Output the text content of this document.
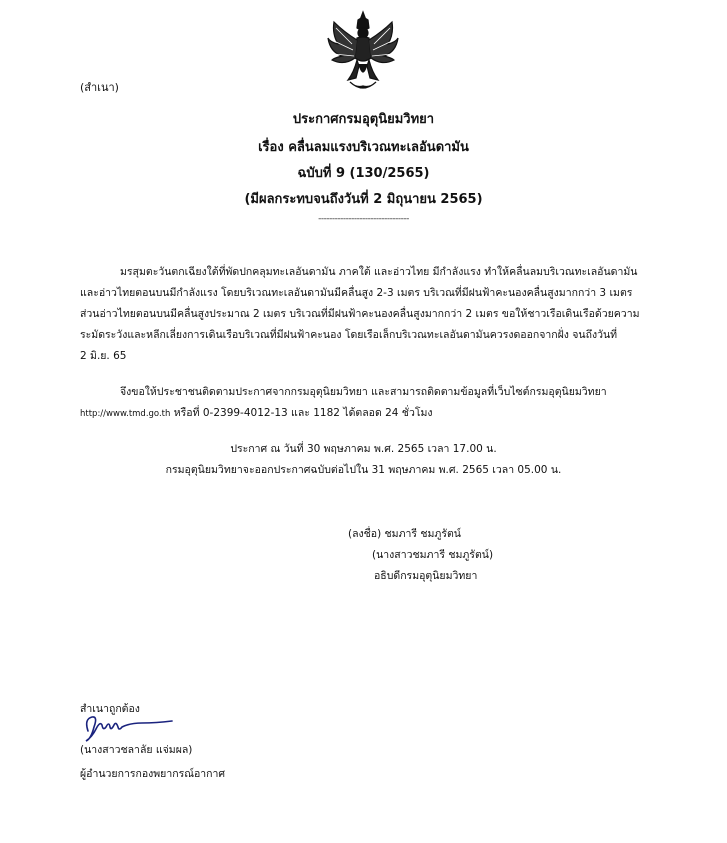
(สำเนา)
ประกาศกรมอุตุนิยมวิทยา
เรื่อง คลื่นลมแรงบริเวณทะเลอันดามัน
ฉบับที่ 9 (130/2565)
(มีผลกระทบจนถึงวันที่ 2 มิถุนายน 2565)
---------------------------------
มรสุมตะวันตกเฉียงใต้ที่พัดปกคลุมทะเลอันดามัน ภาคใต้ และอ่าวไทย มีกำลังแรง ทำให้คลื่นลมบริเวณทะเลอันดามัน
และอ่าวไทยตอนบนมีกำลังแรง โดยบริเวณทะเลอันดามันมีคลื่นสูง 2-3 เมตร บริเวณที่มีฝนฟ้าคะนองคลื่นสูงมากกว่า 3 เมตร
ส่วนอ่าวไทยตอนบนมีคลื่นสูงประมาณ 2 เมตร บริเวณที่มีฝนฟ้าคะนองคลื่นสูงมากกว่า 2 เมตร ขอให้ชาวเรือเดินเรือด้วยความ
ระมัดระวังและหลีกเลี่ยงการเดินเรือบริเวณที่มีฝนฟ้าคะนอง โดยเรือเล็กบริเวณทะเลอันดามันควรงดออกจากฝั่ง จนถึงวันที่
2 มิ.ย. 65
จึงขอให้ประชาชนติดตามประกาศจากกรมอุตุนิยมวิทยา และสามารถติดตามข้อมูลที่เว็บไซต์กรมอุตุนิยมวิทยา
http://www.tmd.go.th หรือที่ 0-2399-4012-13 และ 1182 ได้ตลอด 24 ชั่วโมง
ประกาศ ณ วันที่ 30 พฤษภาคม พ.ศ. 2565 เวลา 17.00 น.
กรมอุตุนิยมวิทยาจะออกประกาศฉบับต่อไปใน 31 พฤษภาคม พ.ศ. 2565 เวลา 05.00 น.
(ลงชื่อ) ชมภารี ชมภูรัตน์
(นางสาวชมภารี ชมภูรัตน์)
อธิบดีกรมอุตุนิยมวิทยา
สำเนาถูกต้อง
(นางสาวชลาลัย แจ่มผล)
ผู้อำนวยการกองพยากรณ์อากาศ
